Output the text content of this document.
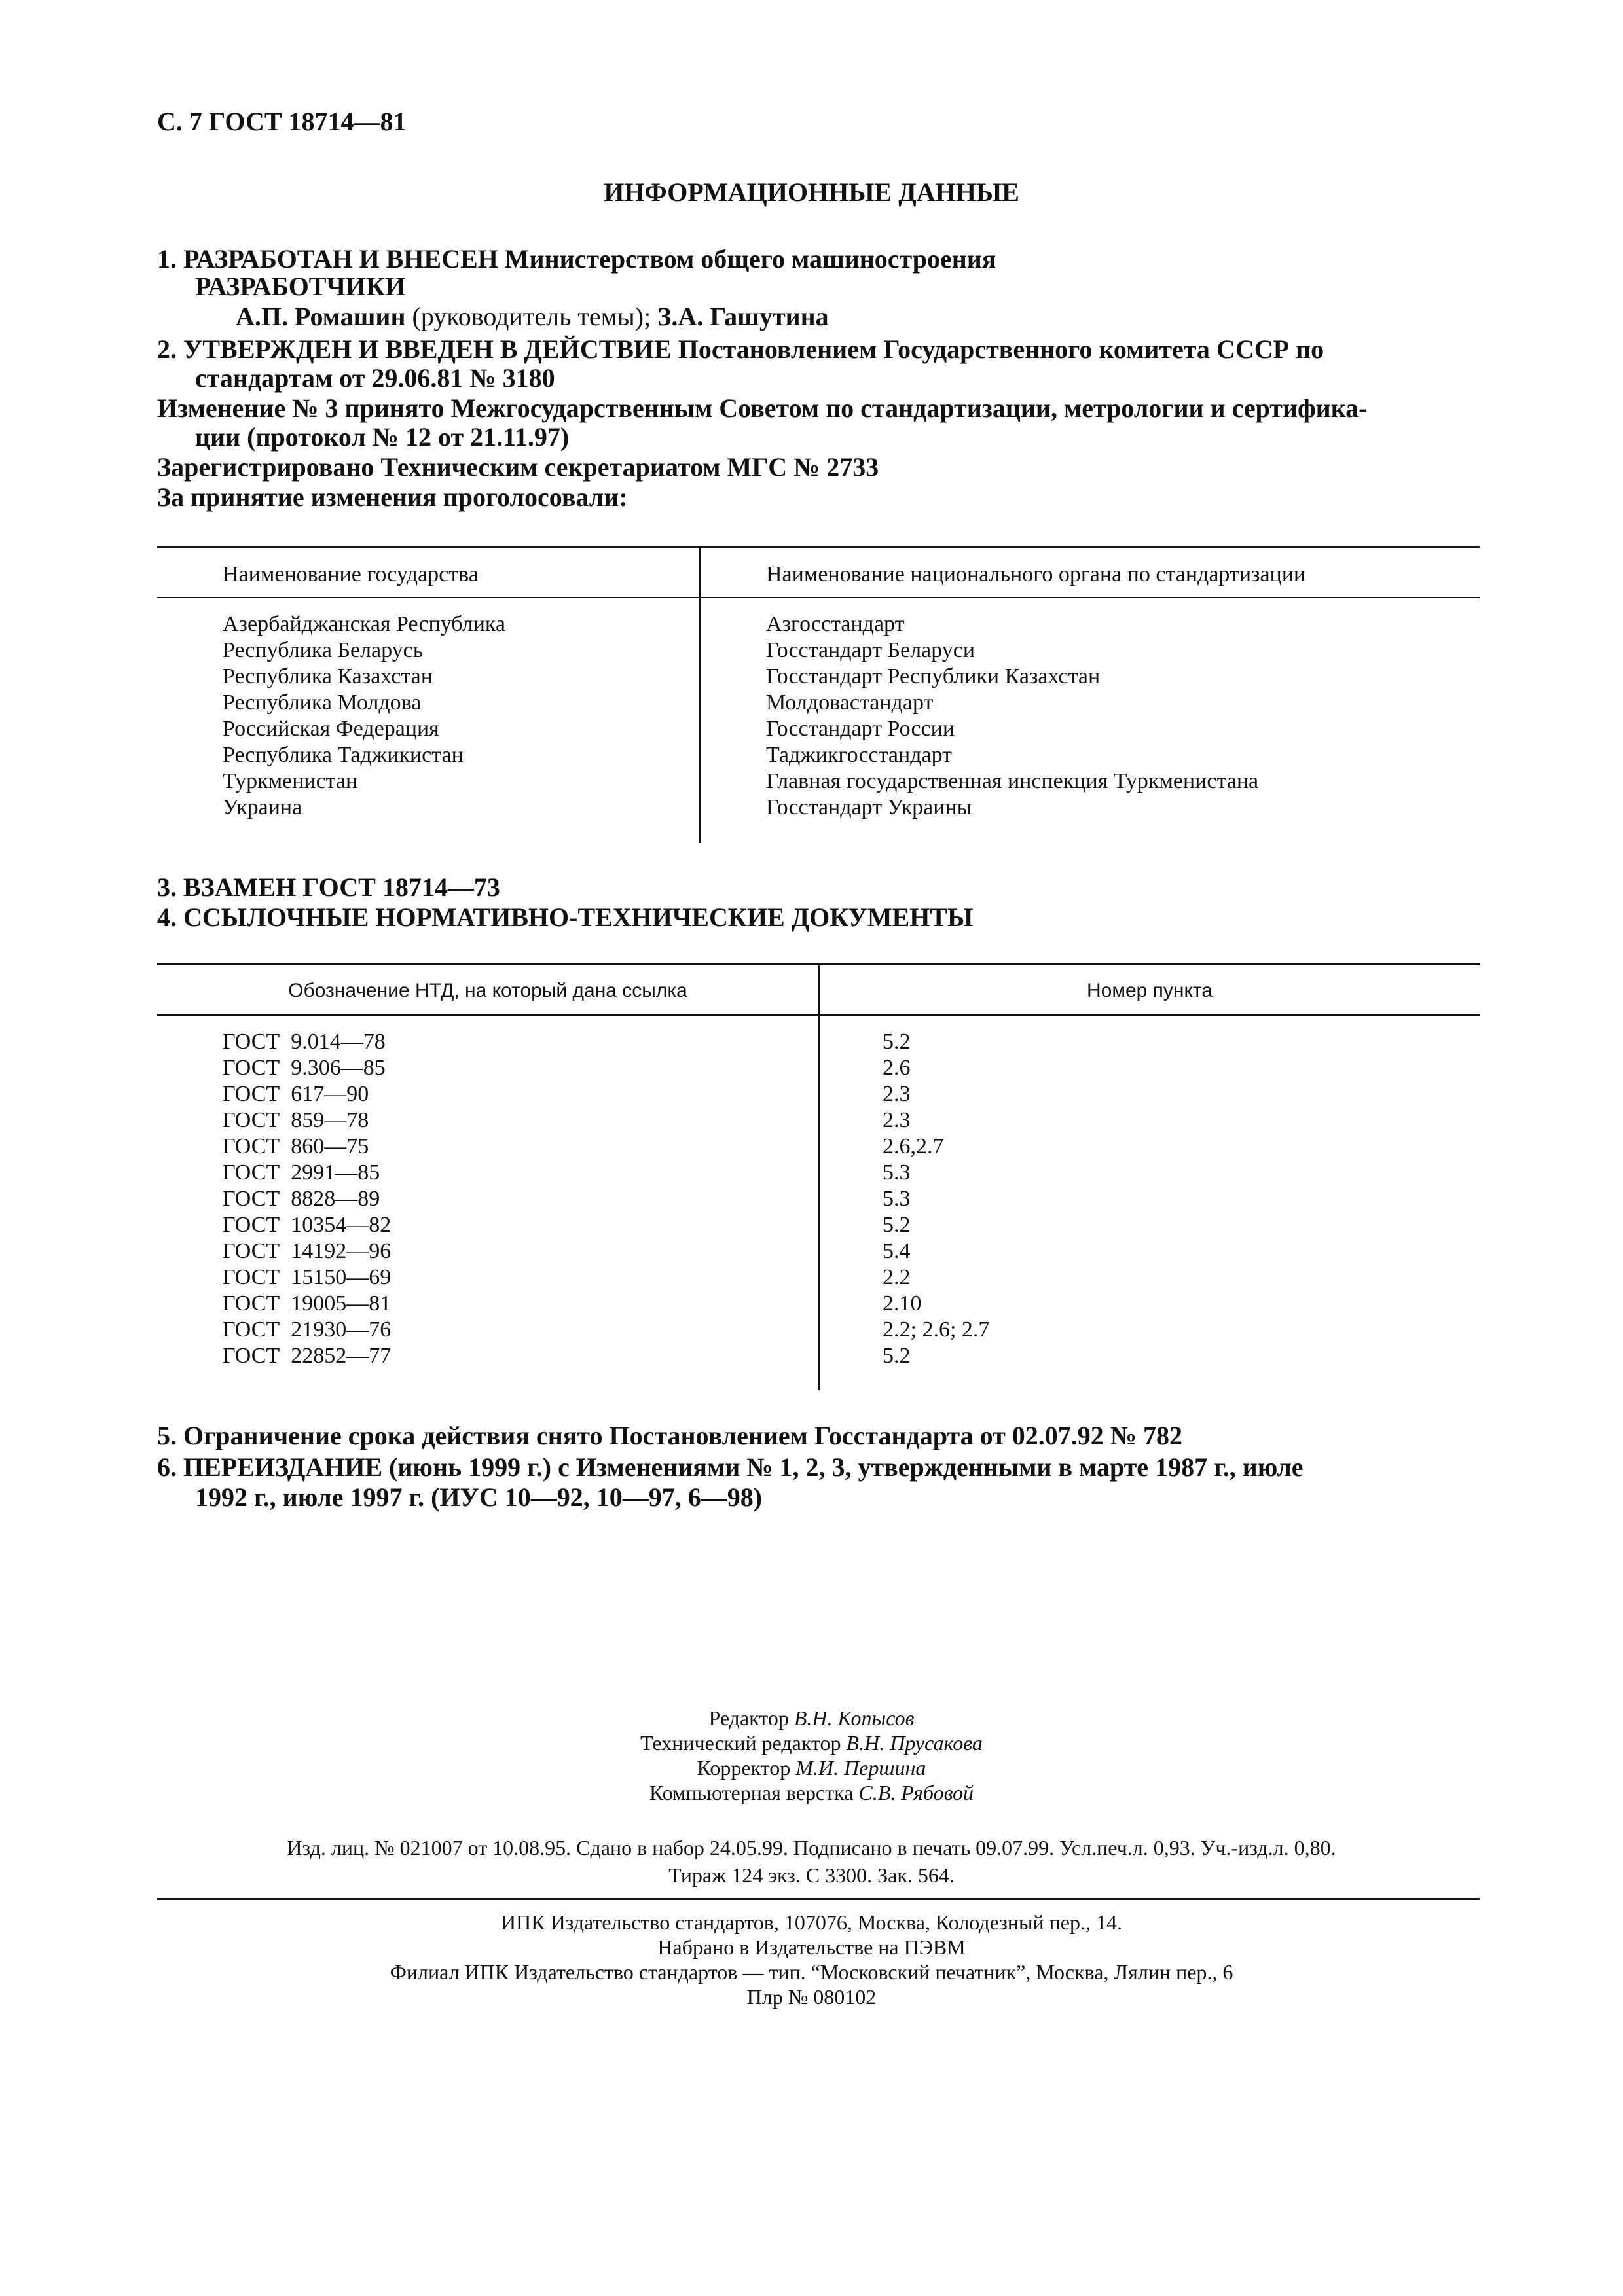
С. 7 ГОСТ 18714—81
ИНФОРМАЦИОННЫЕ ДАННЫЕ
1. РАЗРАБОТАН И ВНЕСЕН Министерством общего машиностроения
РАЗРАБОТЧИКИ
А.П. Ромашин (руководитель темы); З.А. Гашутина
2. УТВЕРЖДЕН И ВВЕДЕН В ДЕЙСТВИЕ Постановлением Государственного комитета СССР по
стандартам от 29.06.81 № 3180
Изменение № 3 принято Межгосударственным Советом по стандартизации, метрологии и сертифика-
ции (протокол № 12 от 21.11.97)
Зарегистрировано Техническим секретариатом МГС № 2733
За принятие изменения проголосовали:
Наименование государства	Наименование национального органа по стандартизации
Азербайджанская Республика
Республика Беларусь
Республика Казахстан
Республика Молдова
Российская Федерация
Республика Таджикистан
Туркменистан
Украина
Азгосстандарт
Госстандарт Беларуси
Госстандарт Республики Казахстан
Молдовастандарт
Госстандарт России
Таджикгосстандарт
Главная государственная инспекция Туркменистана
Госстандарт Украины
3. ВЗАМЕН ГОСТ 18714—73
4. ССЫЛОЧНЫЕ НОРМАТИВНО-ТЕХНИЧЕСКИЕ ДОКУМЕНТЫ
Обозначение НТД, на который дана ссылка	Номер пункта
ГОСТ  9.014—78
ГОСТ  9.306—85
ГОСТ  617—90
ГОСТ  859—78
ГОСТ  860—75
ГОСТ  2991—85
ГОСТ  8828—89
ГОСТ  10354—82
ГОСТ  14192—96
ГОСТ  15150—69
ГОСТ  19005—81
ГОСТ  21930—76
ГОСТ  22852—77
5.2
2.6
2.3
2.3
2.6,2.7
5.3
5.3
5.2
5.4
2.2
2.10
2.2; 2.6; 2.7
5.2
5. Ограничение срока действия снято Постановлением Госстандарта от 02.07.92 № 782
6. ПЕРЕИЗДАНИЕ (июнь 1999 г.) с Изменениями № 1, 2, 3, утвержденными в марте 1987 г., июле
1992 г., июле 1997 г. (ИУС 10—92, 10—97, 6—98)
Редактор В.Н. Копысов
Технический редактор В.Н. Прусакова
Корректор М.И. Першина
Компьютерная верстка С.В. Рябовой
Изд. лиц. № 021007 от 10.08.95. Сдано в набор 24.05.99. Подписано в печать 09.07.99. Усл.печ.л. 0,93. Уч.-изд.л. 0,80.
Тираж 124 экз. С 3300. Зак. 564.
ИПК Издательство стандартов, 107076, Москва, Колодезный пер., 14.
Набрано в Издательстве на ПЭВМ
Филиал ИПК Издательство стандартов — тип. “Московский печатник”, Москва, Лялин пер., 6
Плр № 080102
